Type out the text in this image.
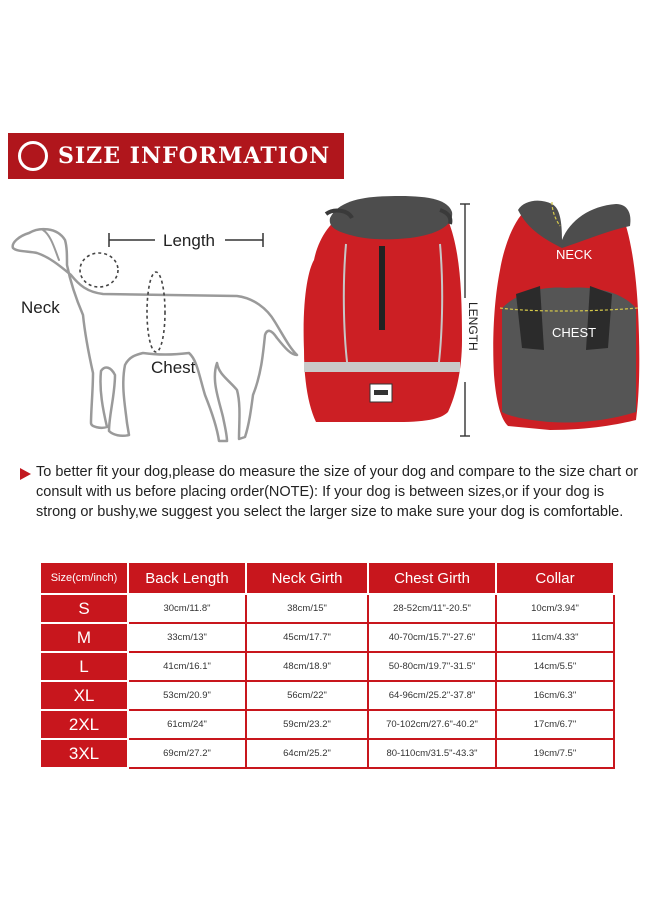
SIZE INFORMATION
Length
Neck
Chest
LENGTH
NECK
CHEST
To better fit your dog,please do measure the size of your dog and compare to the size chart or consult with us before placing order(NOTE): If your dog is between sizes,or if your dog is strong or bushy,we suggest you select the larger size to make sure your dog is comfortable.
Size(cm/inch)	Back Length	Neck Girth	Chest Girth	Collar
S	30cm/11.8"	38cm/15"	28-52cm/11"-20.5"	10cm/3.94"
M	33cm/13"	45cm/17.7"	40-70cm/15.7"-27.6"	11cm/4.33"
L	41cm/16.1"	48cm/18.9"	50-80cm/19.7"-31.5"	14cm/5.5"
XL	53cm/20.9"	56cm/22"	64-96cm/25.2"-37.8"	16cm/6.3"
2XL	61cm/24"	59cm/23.2"	70-102cm/27.6"-40.2"	17cm/6.7"
3XL	69cm/27.2"	64cm/25.2"	80-110cm/31.5"-43.3"	19cm/7.5"
